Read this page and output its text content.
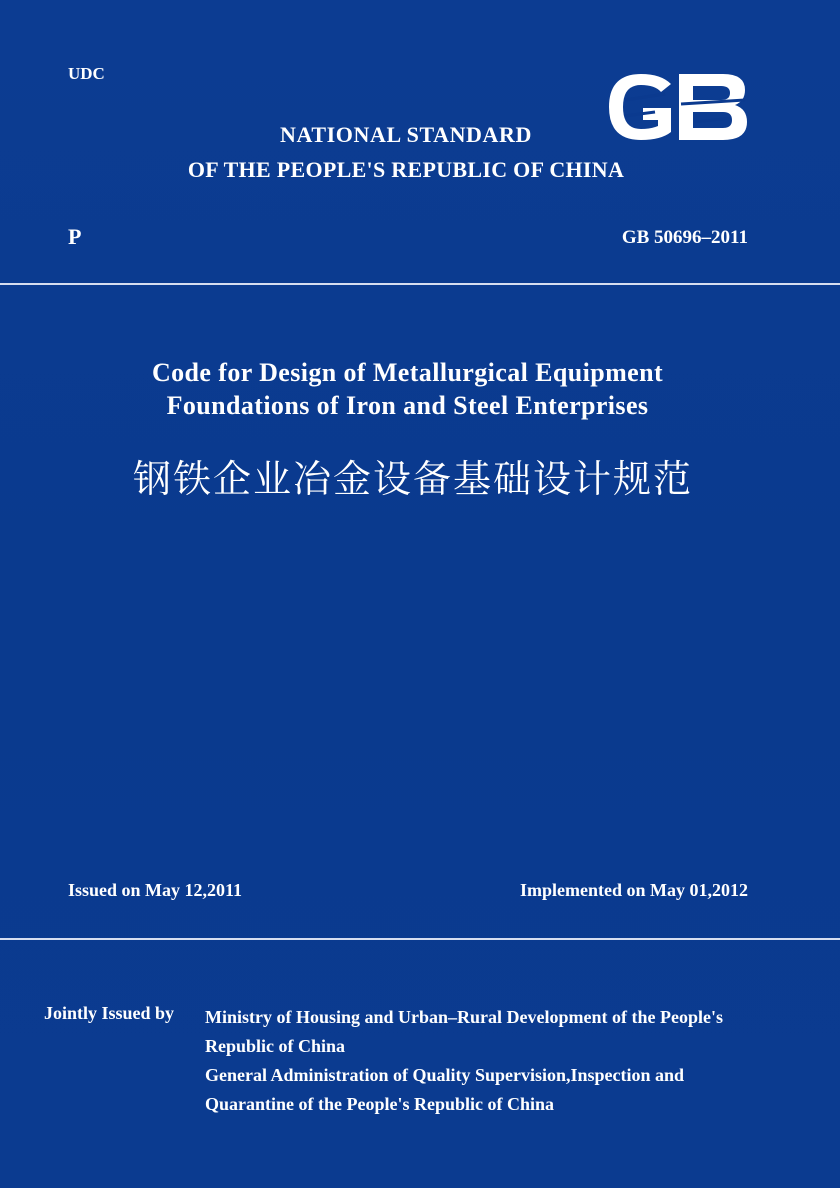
UDC
NATIONAL STANDARD
OF THE PEOPLE'S REPUBLIC OF CHINA
P	GB 50696–2011
Code for Design of Metallurgical Equipment
Foundations of Iron and Steel Enterprises
钢铁企业冶金设备基础设计规范
Issued on May 12,2011	Implemented on May 01,2012
Jointly Issued by Ministry of Housing and Urban–Rural Development of the People's
Republic of China
General Administration of Quality Supervision,Inspection and
Quarantine of the People's Republic of China
